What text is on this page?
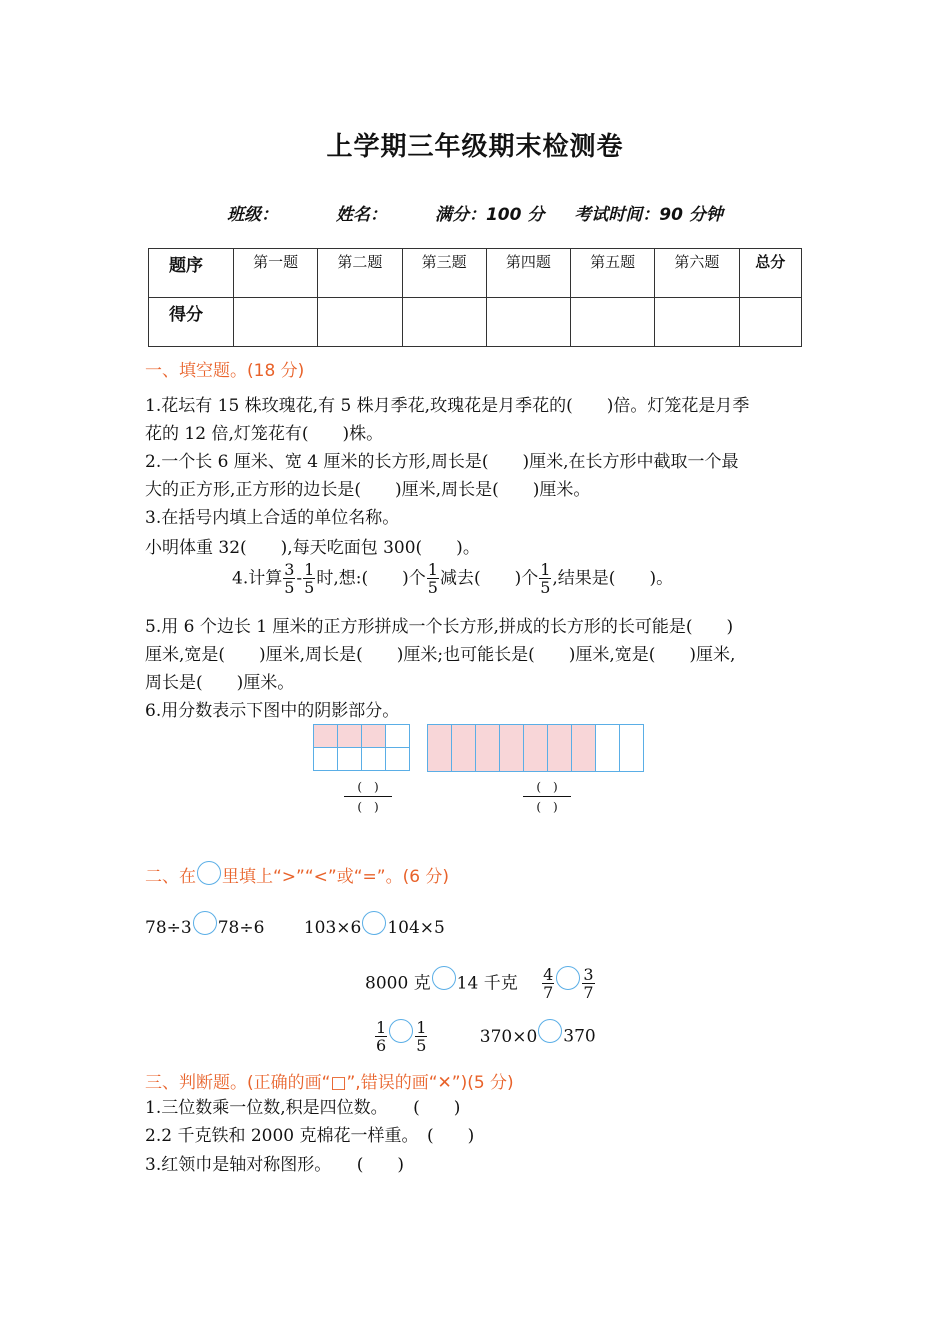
上学期三年级期末检测卷
班级：	姓名：	满分：100 分 考试时间：90 分钟
题序	第一题	第二题	第三题	第四题	第五题	第六题	总分
得分							
一、填空题。(18 分)
1.花坛有 15 株玫瑰花,有 5 株月季花,玫瑰花是月季花的(　　)倍。灯笼花是月季
花的 12 倍,灯笼花有(　　)株。
2.一个长 6 厘米、宽 4 厘米的长方形,周长是(　　)厘米,在长方形中截取一个最
大的正方形,正方形的边长是(　　)厘米,周长是(　　)厘米。
3.在括号内填上合适的单位名称。
小明体重 32(　　),每天吃面包 300(　　)。
4.计算 $\frac{3}{5} - \frac{1}{5}$ 时,想:(　　)个 $\frac{1}{5}$ 减去(　　)个 $\frac{1}{5}$ ,结果是(　　)。
5.用 6 个边长 1 厘米的正方形拼成一个长方形,拼成的长方形的长可能是(　　)
厘米,宽是(　　)厘米,周长是(　　)厘米;也可能长是(　　)厘米,宽是(　　)厘米,
周长是(　　)厘米。
6.用分数表示下图中的阴影部分。

(　)
(　)
(　)
(　)
二、在 里填上“>”“<”或“=”。(6 分)
78÷3 78÷6 103×6 104×5
8000 克 14 千克 $\frac{4}{7} \frac{3}{7}$
$\frac{1}{6} \frac{1}{5}$	370×0 370
三、判断题。(正确的画“□”,错误的画“✕”)(5 分)
1.三位数乘一位数,积是四位数。　　(　　)
2.2 千克铁和 2000 克棉花一样重。　(　　)
3.红领巾是轴对称图形。　　(　　)
